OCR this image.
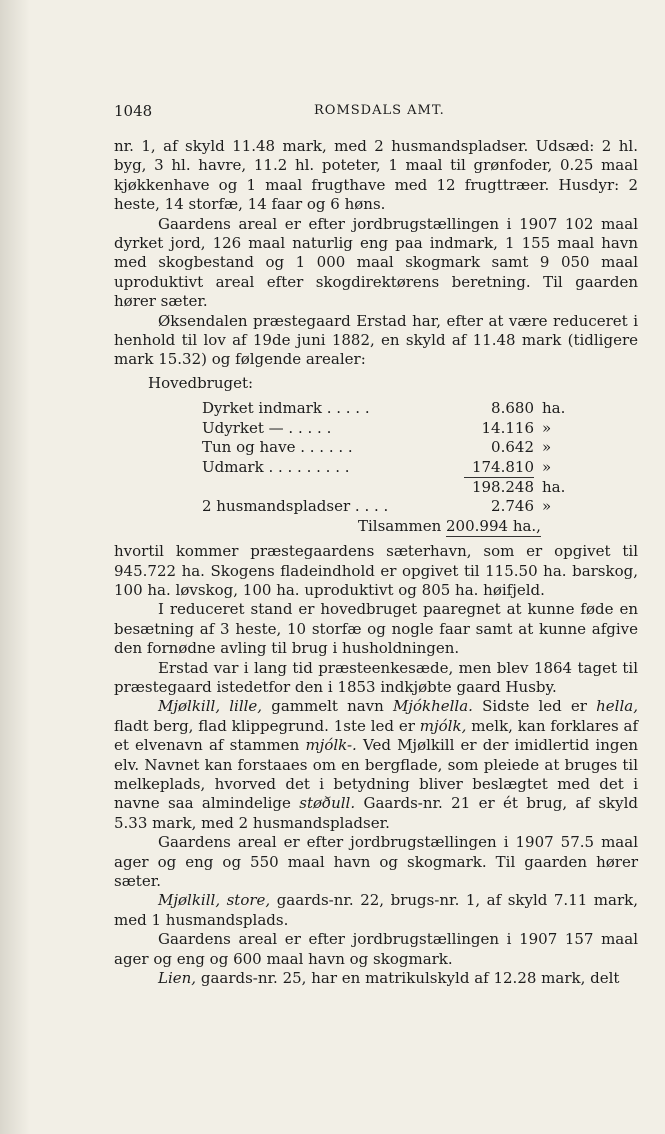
1048	ROMSDALS AMT.

nr. 1, af skyld 11.48 mark, med 2 husmandspladser. Udsæd: 2 hl. byg, 3 hl. havre, 11.2 hl. poteter, 1 maal til grønfoder, 0.25 maal kjøkkenhave og 1 maal frugthave med 12 frugttræer. Husdyr: 2 heste, 14 storfæ, 14 faar og 6 høns.

Gaardens areal er efter jordbrugstællingen i 1907 102 maal dyrket jord, 126 maal naturlig eng paa indmark, 1 155 maal havn med skogbestand og 1 000 maal skogmark samt 9 050 maal uproduktivt areal efter skogdirektørens beretning. Til gaarden hører sæter.

Øksendalen præstegaard Erstad har, efter at være reduceret i henhold til lov af 19de juni 1882, en skyld af 11.48 mark (tidligere mark 15.32) og følgende arealer:

Hovedbruget:
Dyrket indmark . . . . .	8.680	ha.
Udyrket — . . . . .	14.116	»
Tun og have . . . . . .	0.642	»
Udmark . . . . . . . . .	174.810	»
	198.248	ha.
2 husmandspladser . . . .	2.746	»
Tilsammen 200.994 ha.,

hvortil kommer præstegaardens sæterhavn, som er opgivet til 945.722 ha. Skogens fladeindhold er opgivet til 115.50 ha. barskog, 100 ha. løvskog, 100 ha. uproduktivt og 805 ha. høifjeld.

I reduceret stand er hovedbruget paaregnet at kunne føde en besætning af 3 heste, 10 storfæ og nogle faar samt at kunne afgive den fornødne avling til brug i husholdningen.

Erstad var i lang tid præsteenkesæde, men blev 1864 taget til præstegaard istedetfor den i 1853 indkjøbte gaard Husby.

Mjølkill, lille, gammelt navn Mjókhella. Sidste led er hella, fladt berg, flad klippegrund. 1ste led er mjólk, melk, kan forklares af et elvenavn af stammen mjólk-. Ved Mjølkill er der imidlertid ingen elv. Navnet kan forstaaes om en bergflade, som pleiede at bruges til melkeplads, hvorved det i betydning bliver beslægtet med det i navne saa almindelige støðull. Gaards-nr. 21 er ét brug, af skyld 5.33 mark, med 2 husmandspladser.

Gaardens areal er efter jordbrugstællingen i 1907 57.5 maal ager og eng og 550 maal havn og skogmark. Til gaarden hører sæter.

Mjølkill, store, gaards-nr. 22, brugs-nr. 1, af skyld 7.11 mark, med 1 husmandsplads.

Gaardens areal er efter jordbrugstællingen i 1907 157 maal ager og eng og 600 maal havn og skogmark.

Lien, gaards-nr. 25, har en matrikulskyld af 12.28 mark, delt
